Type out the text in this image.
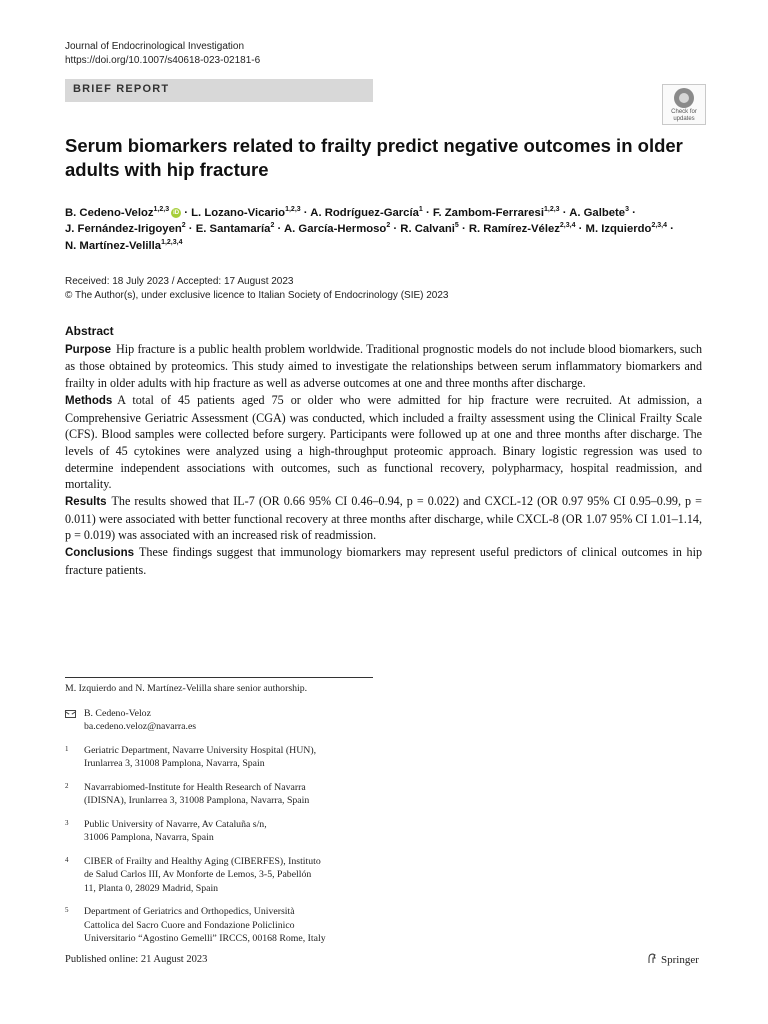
Journal of Endocrinological Investigation
https://doi.org/10.1007/s40618-023-02181-6
BRIEF REPORT
Check for updates
Serum biomarkers related to frailty predict negative outcomes in older adults with hip fracture
B. Cedeno-Veloz$^{1,2,3}$ iD · L. Lozano-Vicario$^{1,2,3}$ · A. Rodríguez-García$^1$ · F. Zambom-Ferraresi$^{1,2,3}$ · A. Galbete$^3$ ·
J. Fernández-Irigoyen$^2$ · E. Santamaría$^2$ · A. García-Hermoso$^2$ · R. Calvani$^5$ · R. Ramírez-Vélez$^{2,3,4}$ · M. Izquierdo$^{2,3,4}$ ·
N. Martínez-Velilla$^{1,2,3,4}$
Received: 18 July 2023 / Accepted: 17 August 2023
© The Author(s), under exclusive licence to Italian Society of Endocrinology (SIE) 2023
Abstract

Purpose Hip fracture is a public health problem worldwide. Traditional prognostic models do not include blood biomarkers, such as those obtained by proteomics. This study aimed to investigate the relationships between serum inflammatory biomarkers and frailty in older adults with hip fracture as well as adverse outcomes at one and three months after discharge.

Methods A total of 45 patients aged 75 or older who were admitted for hip fracture were recruited. At admission, a Comprehensive Geriatric Assessment (CGA) was conducted, which included a frailty assessment using the Clinical Frailty Scale (CFS). Blood samples were collected before surgery. Participants were followed up at one and three months after discharge. The levels of 45 cytokines were analyzed using a high-throughput proteomic approach. Binary logistic regression was used to determine independent associations with outcomes, such as functional recovery, polypharmacy, hospital readmission, and mortality.

Results The results showed that IL-7 (OR 0.66 95% CI 0.46–0.94, p = 0.022) and CXCL-12 (OR 0.97 95% CI 0.95–0.99, p = 0.011) were associated with better functional recovery at three months after discharge, while CXCL-8 (OR 1.07 95% CI 1.01–1.14, p = 0.019) was associated with an increased risk of readmission.

Conclusions These findings suggest that immunology biomarkers may represent useful predictors of clinical outcomes in hip fracture patients.

M. Izquierdo and N. Martínez-Velilla share senior authorship.
B. Cedeno-Veloz
ba.cedeno.veloz@navarra.es
1 Geriatric Department, Navarre University Hospital (HUN),
Irunlarrea 3, 31008 Pamplona, Navarra, Spain
2 Navarrabiomed-Institute for Health Research of Navarra
(IDISNA), Irunlarrea 3, 31008 Pamplona, Navarra, Spain
3 Public University of Navarre, Av Cataluña s/n,
31006 Pamplona, Navarra, Spain
4 CIBER of Frailty and Healthy Aging (CIBERFES), Instituto
de Salud Carlos III, Av Monforte de Lemos, 3-5, Pabellón
11, Planta 0, 28029 Madrid, Spain
5 Department of Geriatrics and Orthopedics, Università
Cattolica del Sacro Cuore and Fondazione Policlinico
Universitario “Agostino Gemelli” IRCCS, 00168 Rome, Italy
Published online: 21 August 2023	Springer
